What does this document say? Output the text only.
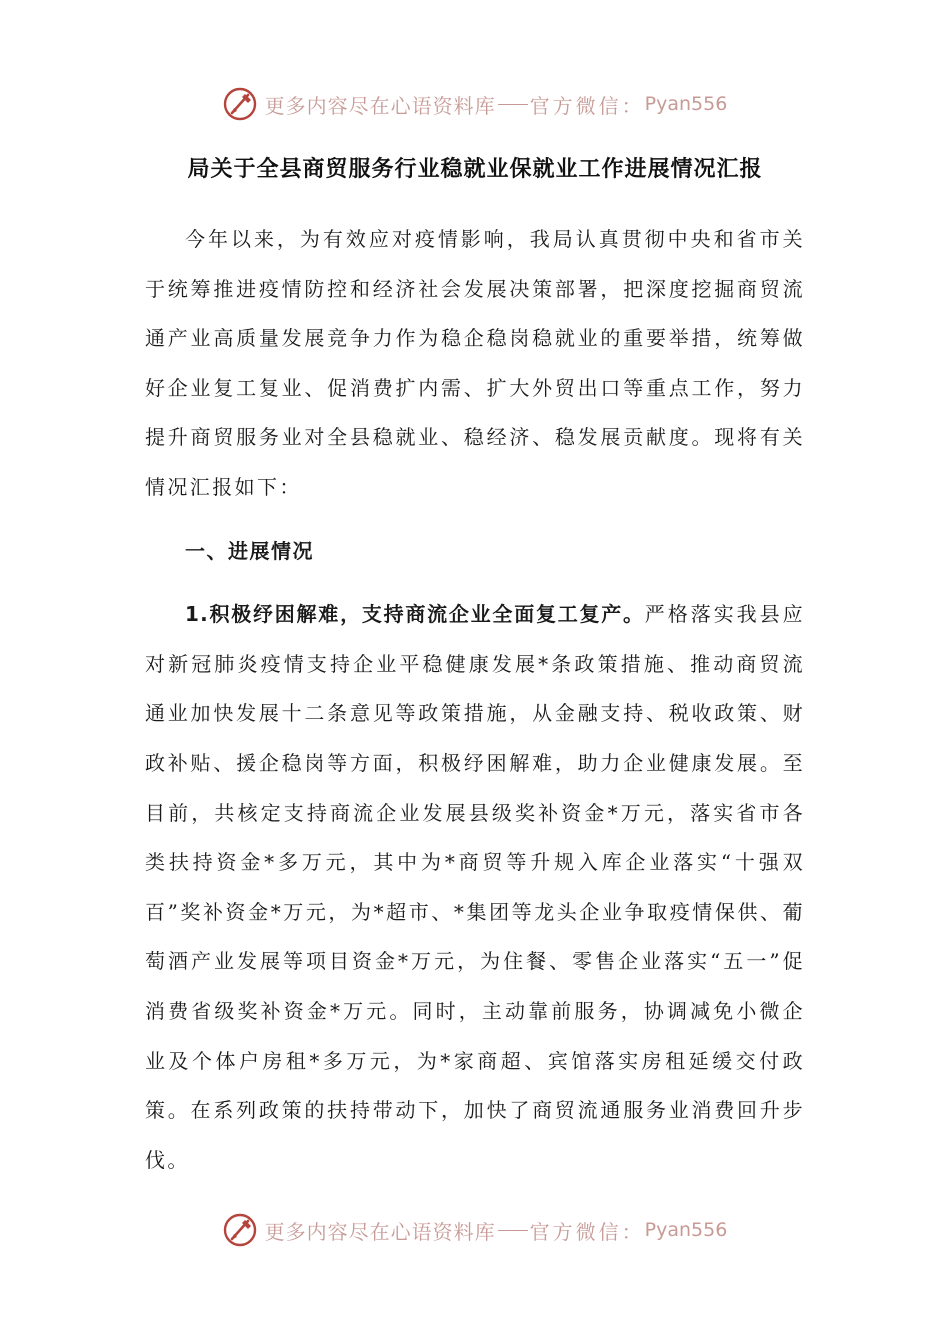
更多内容尽在心语资料库 官方微信： Pyan556
局关于全县商贸服务行业稳就业保就业工作进展情况汇报

今年以来，为有效应对疫情影响，我局认真贯彻中央和省市关于统筹推进疫情防控和经济社会发展决策部署，把深度挖掘商贸流通产业高质量发展竞争力作为稳企稳岗稳就业的重要举措，统筹做好企业复工复业、促消费扩内需、扩大外贸出口等重点工作，努力提升商贸服务业对全县稳就业、稳经济、稳发展贡献度。现将有关情况汇报如下：

一、进展情况

1.积极纾困解难，支持商流企业全面复工复产。严格落实我县应对新冠肺炎疫情支持企业平稳健康发展*条政策措施、推动商贸流通业加快发展十二条意见等政策措施，从金融支持、税收政策、财政补贴、援企稳岗等方面，积极纾困解难，助力企业健康发展。至目前，共核定支持商流企业发展县级奖补资金*万元，落实省市各类扶持资金*多万元，其中为*商贸等升规入库企业落实“十强双百”奖补资金*万元，为*超市、*集团等龙头企业争取疫情保供、葡萄酒产业发展等项目资金*万元，为住餐、零售企业落实“五一”促消费省级奖补资金*万元。同时，主动靠前服务，协调减免小微企业及个体户房租*多万元，为*家商超、宾馆落实房租延缓交付政策。在系列政策的扶持带动下，加快了商贸流通服务业消费回升步伐。

更多内容尽在心语资料库 官方微信： Pyan556
